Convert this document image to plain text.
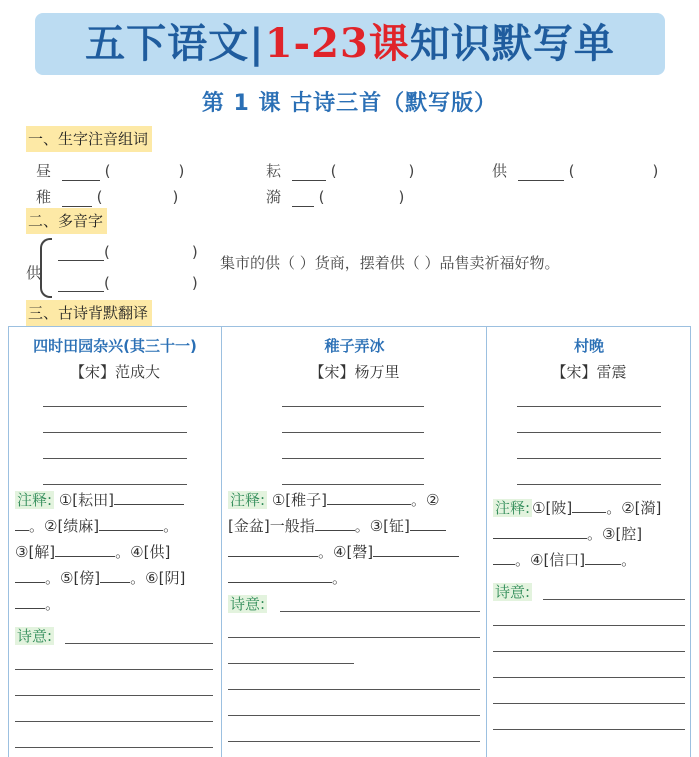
五下语文|1-23课知识默写单
第 1 课 古诗三首（默写版）
一、生字注音组词
昼	(	)	耘	(	)	供	(	)
稚	(	)	漪	(	)
二、多音字
供
(	)
(	)
集市的供（ ）货商，摆着供（ ）品售卖祈福好物。
三、古诗背默翻译
四时田园杂兴(其三十一)
【宋】范成大
注释: ①[耘田]
。②[绩麻]	。
③[解]	。④[供]
。⑤[傍] 。⑥[阴]
。
诗意:
稚子弄冰
【宋】杨万里
注释: ①[稚子]	。②
[金盆]一般指	。③[钲]
。④[磬]
。
诗意:
村晚
【宋】雷震
注释: ①[陂] 。②[漪]
。③[腔]
。④[信口] 。
诗意:
